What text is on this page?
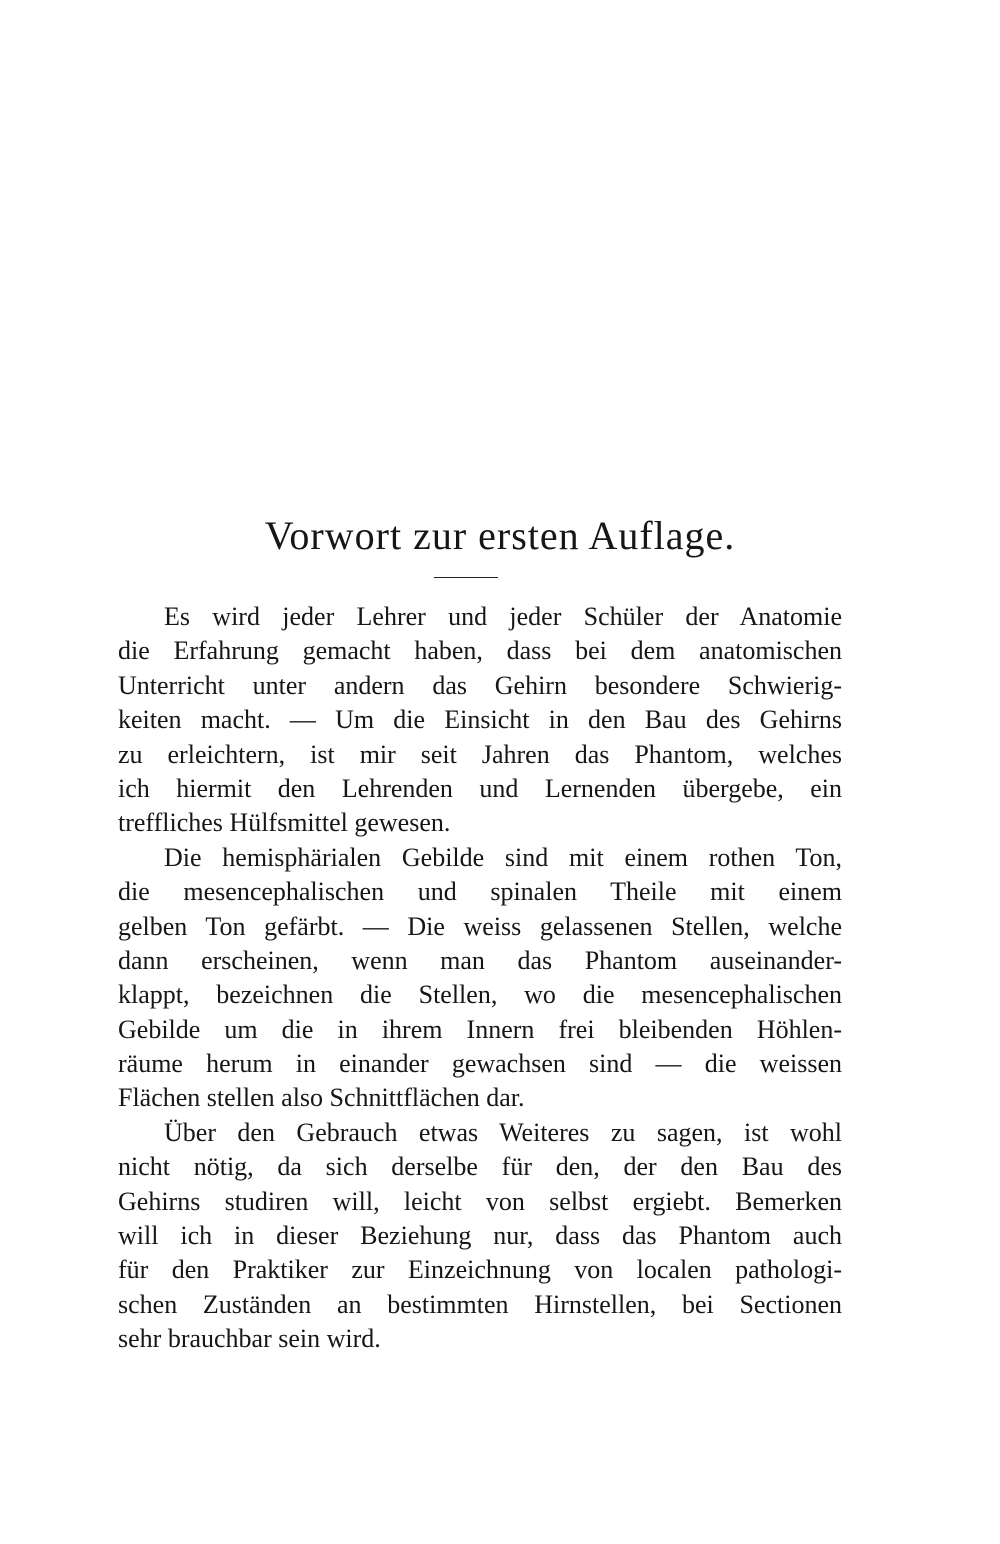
Vorwort zur ersten Auflage.
Es wird jeder Lehrer und jeder Schüler der Anatomie
die Erfahrung gemacht haben, dass bei dem anatomischen
Unterricht unter andern das Gehirn besondere Schwierig-
keiten macht. — Um die Einsicht in den Bau des Gehirns
zu erleichtern, ist mir seit Jahren das Phantom, welches
ich hiermit den Lehrenden und Lernenden übergebe, ein
treffliches Hülfsmittel gewesen.
Die hemisphärialen Gebilde sind mit einem rothen Ton,
die mesencephalischen und spinalen Theile mit einem
gelben Ton gefärbt. — Die weiss gelassenen Stellen, welche
dann erscheinen, wenn man das Phantom auseinander-
klappt, bezeichnen die Stellen, wo die mesencephalischen
Gebilde um die in ihrem Innern frei bleibenden Höhlen-
räume herum in einander gewachsen sind — die weissen
Flächen stellen also Schnittflächen dar.
Über den Gebrauch etwas Weiteres zu sagen, ist wohl
nicht nötig, da sich derselbe für den, der den Bau des
Gehirns studiren will, leicht von selbst ergiebt. Bemerken
will ich in dieser Beziehung nur, dass das Phantom auch
für den Praktiker zur Einzeichnung von localen pathologi-
schen Zuständen an bestimmten Hirnstellen, bei Sectionen
sehr brauchbar sein wird.
